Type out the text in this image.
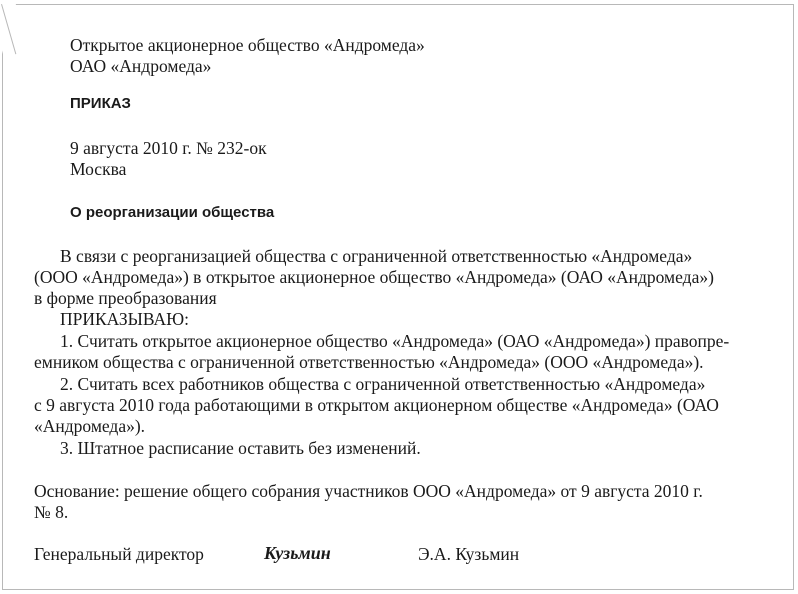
Открытое акционерное общество «Андромеда»
ОАО «Андромеда»
ПРИКАЗ
9 августа 2010 г. № 232-ок
Москва
О реорганизации общества
В связи с реорганизацией общества с ограниченной ответственностью «Андромеда»
(ООО «Андромеда») в открытое акционерное общество «Андромеда» (ОАО «Андромеда»)
в форме преобразования
ПРИКАЗЫВАЮ:
1. Считать открытое акционерное общество «Андромеда» (ОАО «Андромеда») правопре-
емником общества с ограниченной ответственностью «Андромеда» (ООО «Андромеда»).
2. Считать всех работников общества с ограниченной ответственностью «Андромеда»
с 9 августа 2010 года работающими в открытом акционерном обществе «Андромеда» (ОАО
«Андромеда»).
3. Штатное расписание оставить без изменений.
Основание: решение общего собрания участников ООО «Андромеда» от 9 августа 2010 г.
№ 8.
Генеральный директор	Кузьмин	Э.А. Кузьмин
